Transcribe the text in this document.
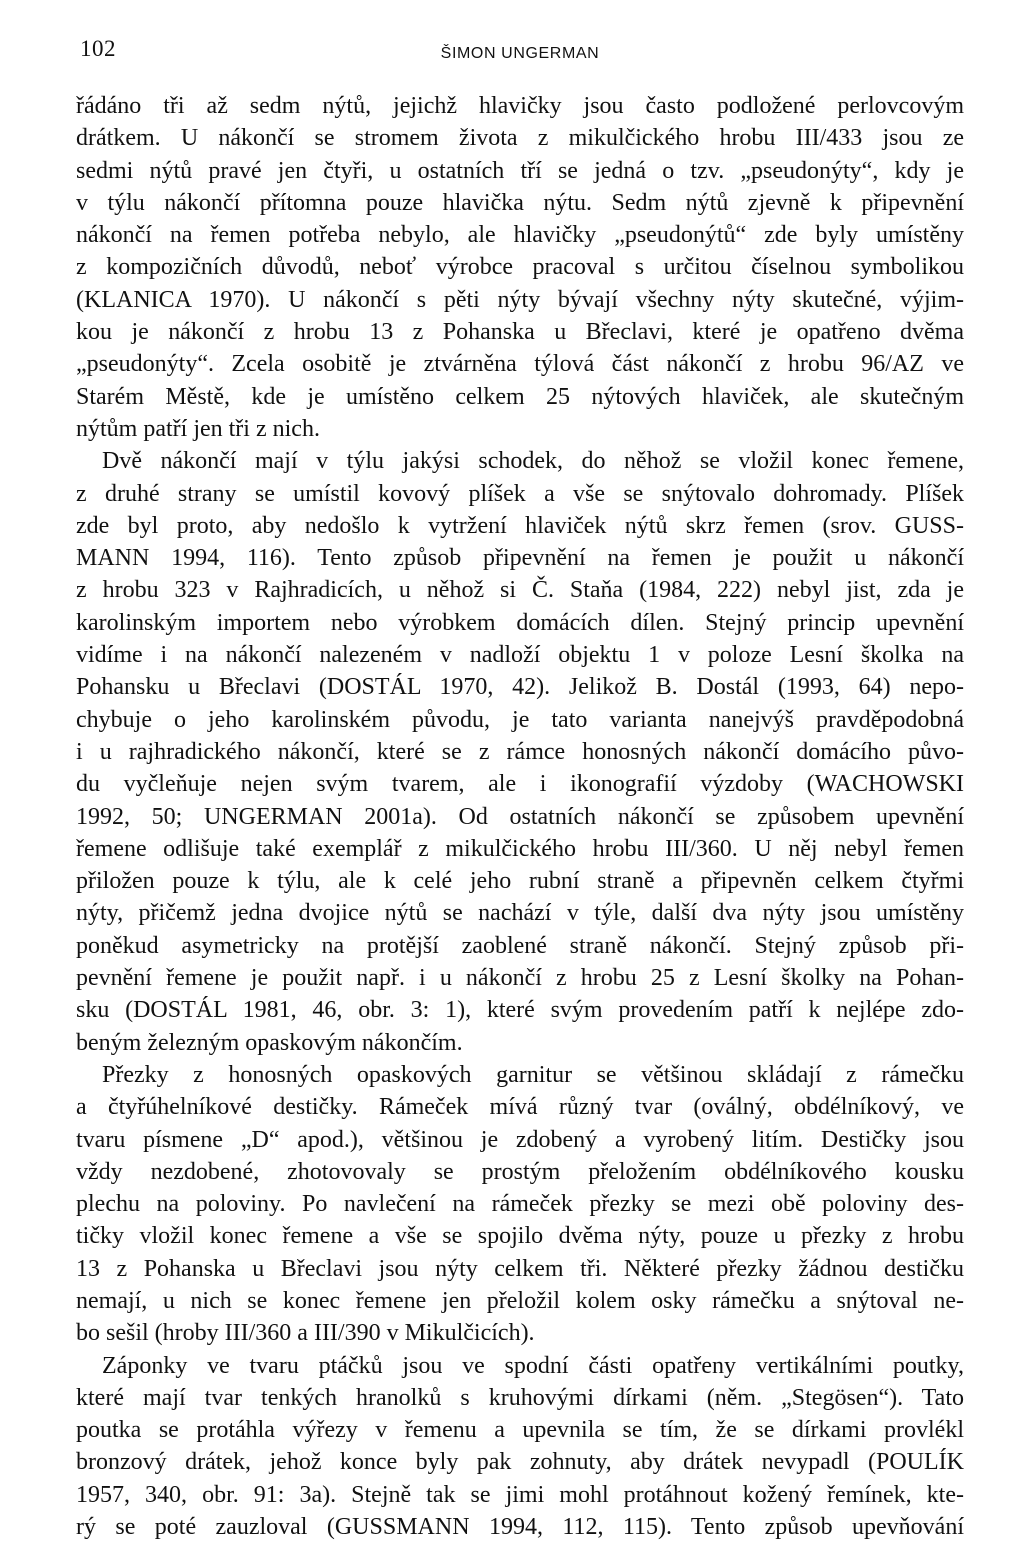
102	ŠIMON UNGERMAN
řádáno tři až sedm nýtů, jejichž hlavičky jsou často podložené perlovcovým
drátkem. U nákončí se stromem života z mikulčického hrobu III/433 jsou ze
sedmi nýtů pravé jen čtyři, u ostatních tří se jedná o tzv. „pseudonýty“, kdy je
v týlu nákončí přítomna pouze hlavička nýtu. Sedm nýtů zjevně k připevnění
nákončí na řemen potřeba nebylo, ale hlavičky „pseudonýtů“ zde byly umístěny
z kompozičních důvodů, neboť výrobce pracoval s určitou číselnou symbolikou
(KLANICA 1970). U nákončí s pěti nýty bývají všechny nýty skutečné, výjim-
kou je nákončí z hrobu 13 z Pohanska u Břeclavi, které je opatřeno dvěma
„pseudonýty“. Zcela osobitě je ztvárněna týlová část nákončí z hrobu 96/AZ ve
Starém Městě, kde je umístěno celkem 25 nýtových hlaviček, ale skutečným
nýtům patří jen tři z nich.
Dvě nákončí mají v týlu jakýsi schodek, do něhož se vložil konec řemene,
z druhé strany se umístil kovový plíšek a vše se snýtovalo dohromady. Plíšek
zde byl proto, aby nedošlo k vytržení hlaviček nýtů skrz řemen (srov. GUSS-
MANN 1994, 116). Tento způsob připevnění na řemen je použit u nákončí
z hrobu 323 v Rajhradicích, u něhož si Č. Staňa (1984, 222) nebyl jist, zda je
karolinským importem nebo výrobkem domácích dílen. Stejný princip upevnění
vidíme i na nákončí nalezeném v nadloží objektu 1 v poloze Lesní školka na
Pohansku u Břeclavi (DOSTÁL 1970, 42). Jelikož B. Dostál (1993, 64) nepo-
chybuje o jeho karolinském původu, je tato varianta nanejvýš pravděpodobná
i u rajhradického nákončí, které se z rámce honosných nákončí domácího půvo-
du vyčleňuje nejen svým tvarem, ale i ikonografií výzdoby (WACHOWSKI
1992, 50; UNGERMAN 2001a). Od ostatních nákončí se způsobem upevnění
řemene odlišuje také exemplář z mikulčického hrobu III/360. U něj nebyl řemen
přiložen pouze k týlu, ale k celé jeho rubní straně a připevněn celkem čtyřmi
nýty, přičemž jedna dvojice nýtů se nachází v týle, další dva nýty jsou umístěny
poněkud asymetricky na protější zaoblené straně nákončí. Stejný způsob při-
pevnění řemene je použit např. i u nákončí z hrobu 25 z Lesní školky na Pohan-
sku (DOSTÁL 1981, 46, obr. 3: 1), které svým provedením patří k nejlépe zdo-
beným železným opaskovým nákončím.
Přezky z honosných opaskových garnitur se většinou skládají z rámečku
a čtyřúhelníkové destičky. Rámeček mívá různý tvar (oválný, obdélníkový, ve
tvaru písmene „D“ apod.), většinou je zdobený a vyrobený litím. Destičky jsou
vždy nezdobené, zhotovovaly se prostým přeložením obdélníkového kousku
plechu na poloviny. Po navlečení na rámeček přezky se mezi obě poloviny des-
tičky vložil konec řemene a vše se spojilo dvěma nýty, pouze u přezky z hrobu
13 z Pohanska u Břeclavi jsou nýty celkem tři. Některé přezky žádnou destičku
nemají, u nich se konec řemene jen přeložil kolem osky rámečku a snýtoval ne-
bo sešil (hroby III/360 a III/390 v Mikulčicích).
Záponky ve tvaru ptáčků jsou ve spodní části opatřeny vertikálními poutky,
které mají tvar tenkých hranolků s kruhovými dírkami (něm. „Stegösen“). Tato
poutka se protáhla výřezy v řemenu a upevnila se tím, že se dírkami provlékl
bronzový drátek, jehož konce byly pak zohnuty, aby drátek nevypadl (POULÍK
1957, 340, obr. 91: 3a). Stejně tak se jimi mohl protáhnout kožený řemínek, kte-
rý se poté zauzloval (GUSSMANN 1994, 112, 115). Tento způsob upevňování
